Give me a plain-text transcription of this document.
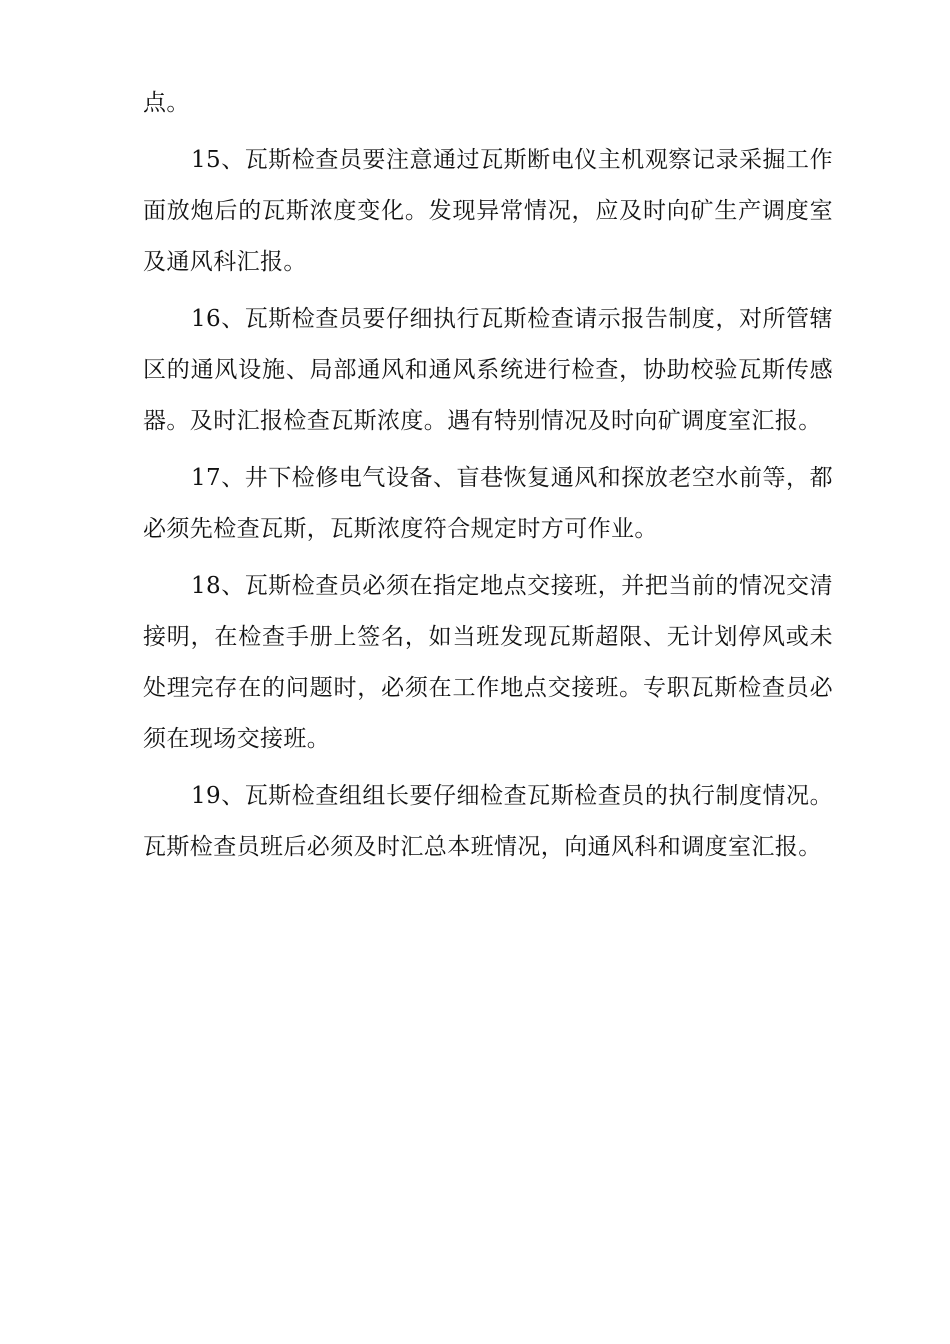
点。

15、瓦斯检查员要注意通过瓦斯断电仪主机观察记录采掘工作面放炮后的瓦斯浓度变化。发现异常情况，应及时向矿生产调度室及通风科汇报。

16、瓦斯检查员要仔细执行瓦斯检查请示报告制度，对所管辖区的通风设施、局部通风和通风系统进行检查，协助校验瓦斯传感器。及时汇报检查瓦斯浓度。遇有特别情况及时向矿调度室汇报。

17、井下检修电气设备、盲巷恢复通风和探放老空水前等，都必须先检查瓦斯，瓦斯浓度符合规定时方可作业。

18、瓦斯检查员必须在指定地点交接班，并把当前的情况交清接明，在检查手册上签名，如当班发现瓦斯超限、无计划停风或未处理完存在的问题时，必须在工作地点交接班。专职瓦斯检查员必须在现场交接班。

19、瓦斯检查组组长要仔细检查瓦斯检查员的执行制度情况。瓦斯检查员班后必须及时汇总本班情况，向通风科和调度室汇报。
